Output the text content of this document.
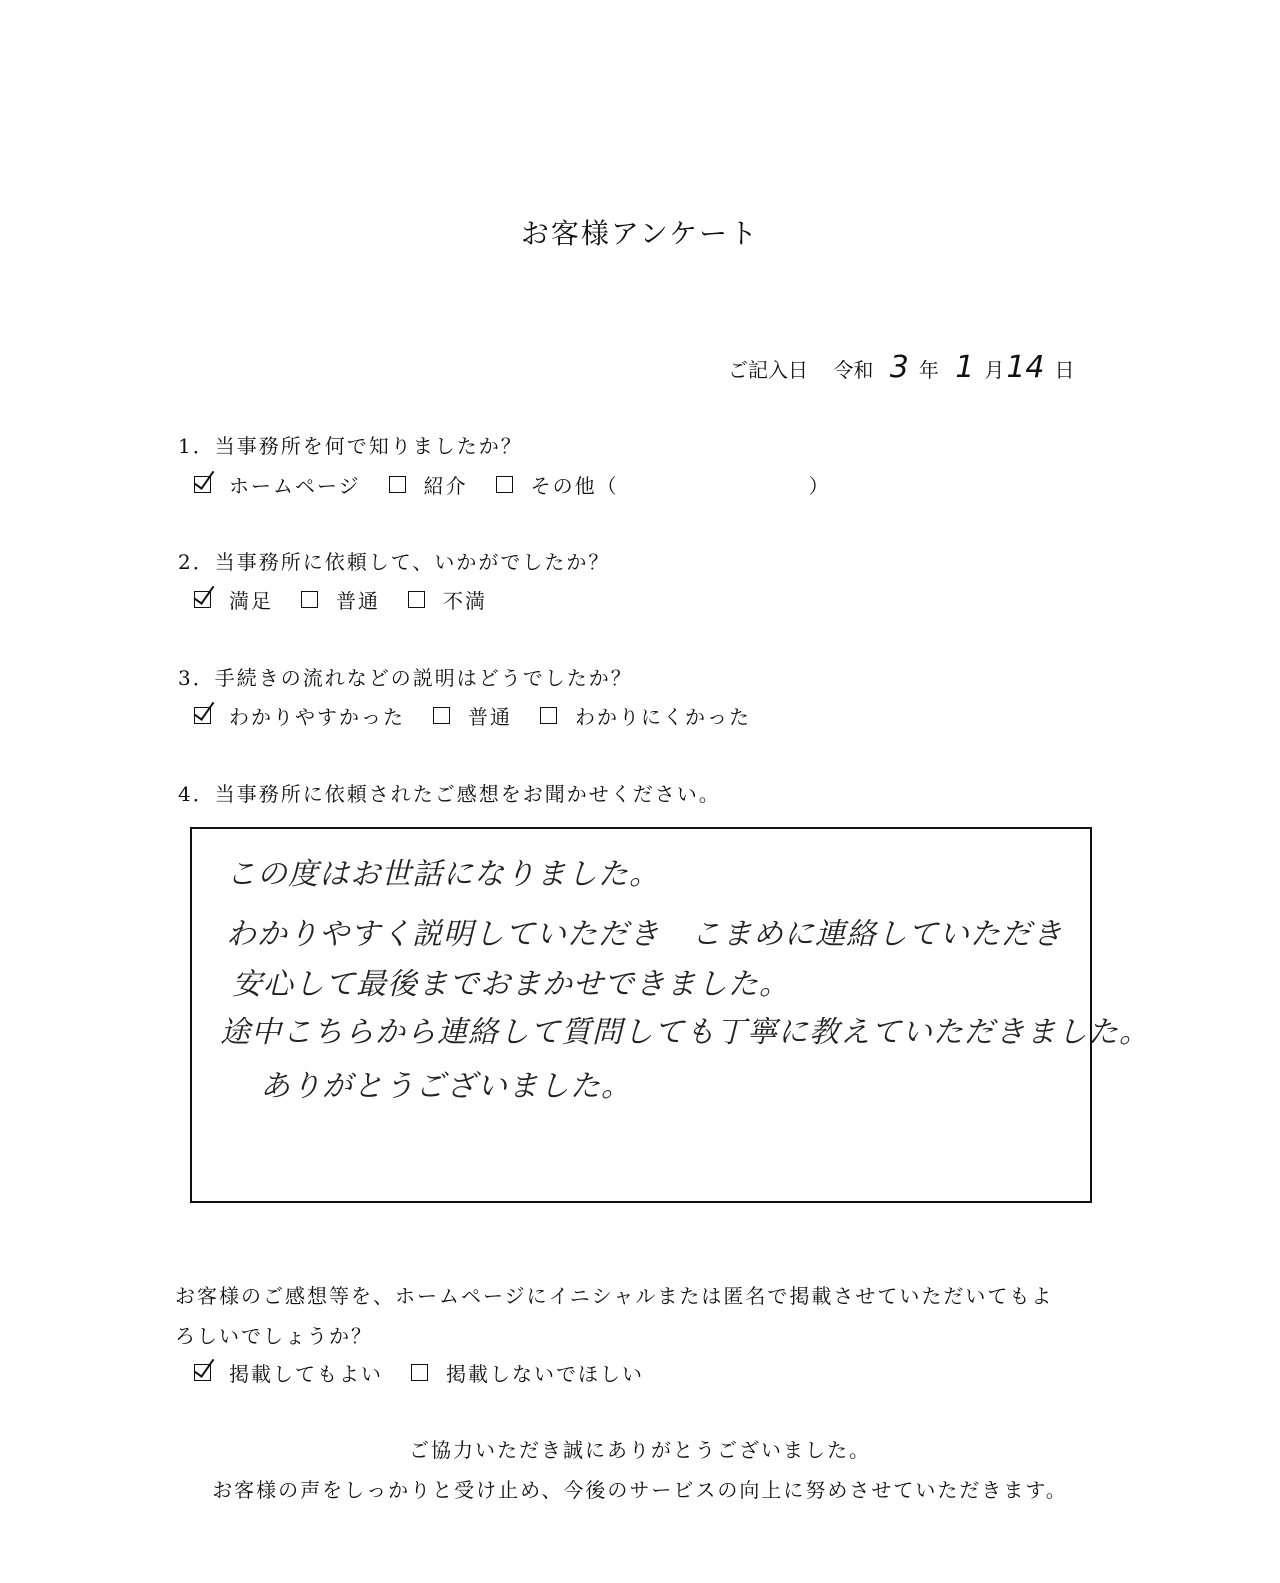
お客様アンケート
ご記入日 令和 3 年 1 月14 日
1．当事務所を何で知りましたか？
ホームページ	紹介	その他（	）
2．当事務所に依頼して、いかがでしたか？
満足	普通	不満
3．手続きの流れなどの説明はどうでしたか？
わかりやすかった	普通	わかりにくかった
4．当事務所に依頼されたご感想をお聞かせください。
この度はお世話になりました。
わかりやすく説明していただき　こまめに連絡していただき
安心して最後までおまかせできました。
途中こちらから連絡して質問しても丁寧に教えていただきました。
ありがとうございました。
お客様のご感想等を、ホームページにイニシャルまたは匿名で掲載させていただいてもよ
ろしいでしょうか？
掲載してもよい	掲載しないでほしい
ご協力いただき誠にありがとうございました。
お客様の声をしっかりと受け止め、今後のサービスの向上に努めさせていただきます。
